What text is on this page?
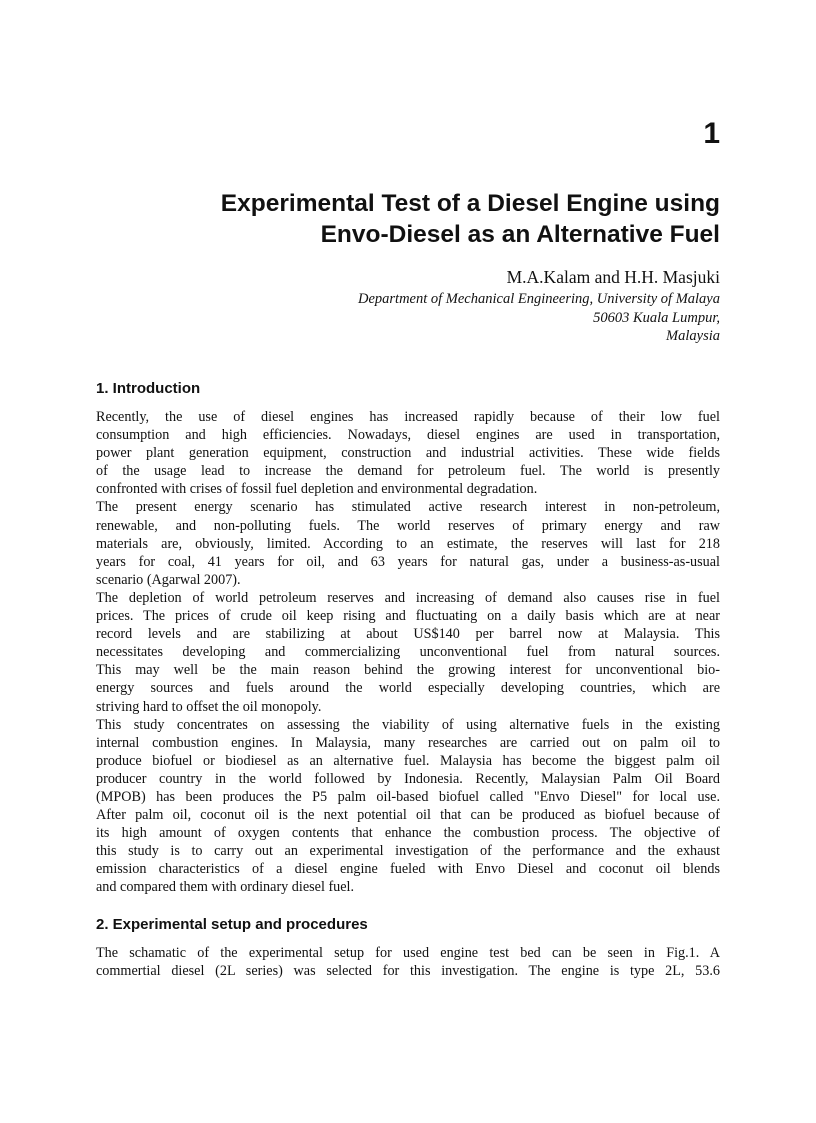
1
Experimental Test of a Diesel Engine using
Envo-Diesel as an Alternative Fuel
M.A.Kalam and H.H. Masjuki
Department of Mechanical Engineering, University of Malaya
50603 Kuala Lumpur,
Malaysia
1. Introduction
Recently, the use of diesel engines has increased rapidly because of their low fuel
consumption and high efficiencies. Nowadays, diesel engines are used in transportation,
power plant generation equipment, construction and industrial activities. These wide fields
of the usage lead to increase the demand for petroleum fuel. The world is presently
confronted with crises of fossil fuel depletion and environmental degradation.
The present energy scenario has stimulated active research interest in non-petroleum,
renewable, and non-polluting fuels. The world reserves of primary energy and raw
materials are, obviously, limited. According to an estimate, the reserves will last for 218
years for coal, 41 years for oil, and 63 years for natural gas, under a business-as-usual
scenario (Agarwal 2007).
The depletion of world petroleum reserves and increasing of demand also causes rise in fuel
prices. The prices of crude oil keep rising and fluctuating on a daily basis which are at near
record levels and are stabilizing at about US$140 per barrel now at Malaysia. This
necessitates developing and commercializing unconventional fuel from natural sources.
This may well be the main reason behind the growing interest for unconventional bio-
energy sources and fuels around the world especially developing countries, which are
striving hard to offset the oil monopoly.
This study concentrates on assessing the viability of using alternative fuels in the existing
internal combustion engines. In Malaysia, many researches are carried out on palm oil to
produce biofuel or biodiesel as an alternative fuel. Malaysia has become the biggest palm oil
producer country in the world followed by Indonesia. Recently, Malaysian Palm Oil Board
(MPOB) has been produces the P5 palm oil-based biofuel called "Envo Diesel" for local use.
After palm oil, coconut oil is the next potential oil that can be produced as biofuel because of
its high amount of oxygen contents that enhance the combustion process. The objective of
this study is to carry out an experimental investigation of the performance and the exhaust
emission characteristics of a diesel engine fueled with Envo Diesel and coconut oil blends
and compared them with ordinary diesel fuel.
2. Experimental setup and procedures
The schamatic of the experimental setup for used engine test bed can be seen in Fig.1. A
commertial diesel (2L series) was selected for this investigation. The engine is type 2L, 53.6
